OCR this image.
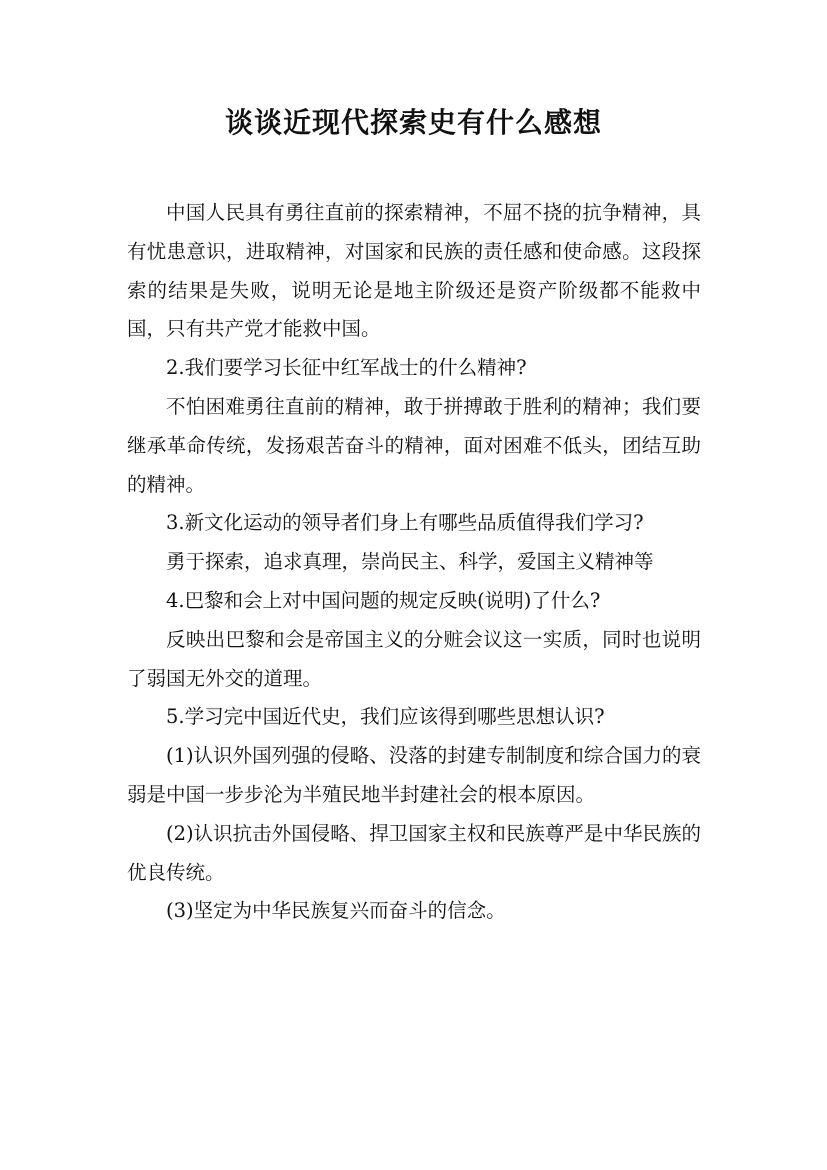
谈谈近现代探索史有什么感想

中国人民具有勇往直前的探索精神，不屈不挠的抗争精神，具有忧患意识，进取精神，对国家和民族的责任感和使命感。这段探索的结果是失败，说明无论是地主阶级还是资产阶级都不能救中国，只有共产党才能救中国。

2.我们要学习长征中红军战士的什么精神?

不怕困难勇往直前的精神，敢于拼搏敢于胜利的精神；我们要继承革命传统，发扬艰苦奋斗的精神，面对困难不低头，团结互助的精神。

3.新文化运动的领导者们身上有哪些品质值得我们学习?

勇于探索，追求真理，崇尚民主、科学，爱国主义精神等

4.巴黎和会上对中国问题的规定反映(说明)了什么?

反映出巴黎和会是帝国主义的分赃会议这一实质，同时也说明了弱国无外交的道理。

5.学习完中国近代史，我们应该得到哪些思想认识?

(1)认识外国列强的侵略、没落的封建专制制度和综合国力的衰弱是中国一步步沦为半殖民地半封建社会的根本原因。

(2)认识抗击外国侵略、捍卫国家主权和民族尊严是中华民族的优良传统。

(3)坚定为中华民族复兴而奋斗的信念。
